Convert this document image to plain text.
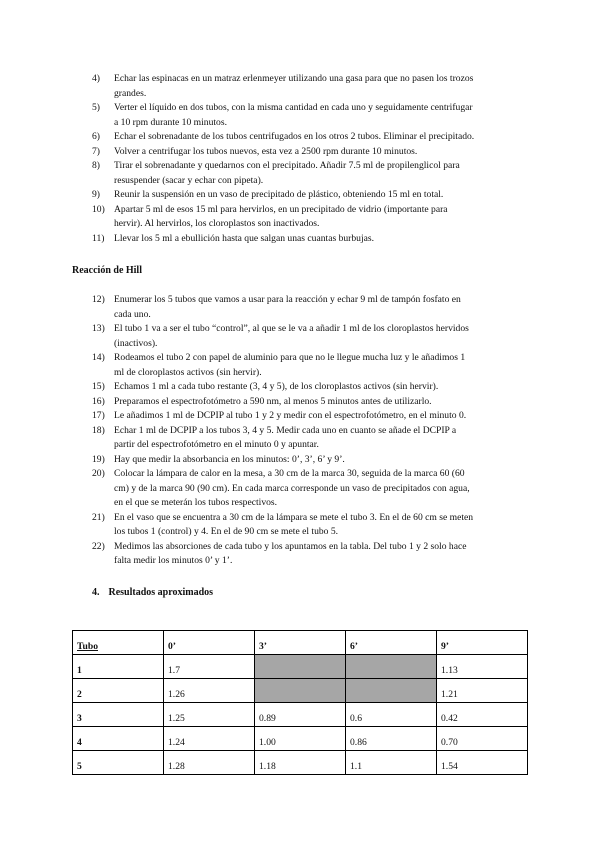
4)	Echar las espinacas en un matraz erlenmeyer utilizando una gasa para que no pasen los trozos
grandes.
5)	Verter el líquido en dos tubos, con la misma cantidad en cada uno y seguidamente centrifugar
a 10 rpm durante 10 minutos.
6)	Echar el sobrenadante de los tubos centrifugados en los otros 2 tubos. Eliminar el precipitado.
7)	Volver a centrifugar los tubos nuevos, esta vez a 2500 rpm durante 10 minutos.
8)	Tirar el sobrenadante y quedarnos con el precipitado. Añadir 7.5 ml de propilenglicol para
resuspender (sacar y echar con pipeta).
9)	Reunir la suspensión en un vaso de precipitado de plástico, obteniendo 15 ml en total.
10) Apartar 5 ml de esos 15 ml para hervirlos, en un precipitado de vidrio (importante para
hervir). Al hervirlos, los cloroplastos son inactivados.
11) Llevar los 5 ml a ebullición hasta que salgan unas cuantas burbujas.
Reacción de Hill
12) Enumerar los 5 tubos que vamos a usar para la reacción y echar 9 ml de tampón fosfato en
cada uno.
13) El tubo 1 va a ser el tubo “control”, al que se le va a añadir 1 ml de los cloroplastos hervidos
(inactivos).
14) Rodeamos el tubo 2 con papel de aluminio para que no le llegue mucha luz y le añadimos 1
ml de cloroplastos activos (sin hervir).
15) Echamos 1 ml a cada tubo restante (3, 4 y 5), de los cloroplastos activos (sin hervir).
16) Preparamos el espectrofotómetro a 590 nm, al menos 5 minutos antes de utilizarlo.
17) Le añadimos 1 ml de DCPIP al tubo 1 y 2 y medir con el espectrofotómetro, en el minuto 0.
18) Echar 1 ml de DCPIP a los tubos 3, 4 y 5. Medir cada uno en cuanto se añade el DCPIP a
partir del espectrofotómetro en el minuto 0 y apuntar.
19) Hay que medir la absorbancia en los minutos: 0’, 3’, 6’ y 9’.
20) Colocar la lámpara de calor en la mesa, a 30 cm de la marca 30, seguida de la marca 60 (60
cm) y de la marca 90 (90 cm). En cada marca corresponde un vaso de precipitados con agua,
en el que se meterán los tubos respectivos.
21) En el vaso que se encuentra a 30 cm de la lámpara se mete el tubo 3. En el de 60 cm se meten
los tubos 1 (control) y 4. En el de 90 cm se mete el tubo 5.
22) Medimos las absorciones de cada tubo y los apuntamos en la tabla. Del tubo 1 y 2 solo hace
falta medir los minutos 0’ y 1’.
4. Resultados aproximados
Tubo	0’	3’	6’	9’
1	1.7			1.13
2	1.26			1.21
3	1.25	0.89	0.6	0.42
4	1.24	1.00	0.86	0.70
5	1.28	1.18	1.1	1.54
